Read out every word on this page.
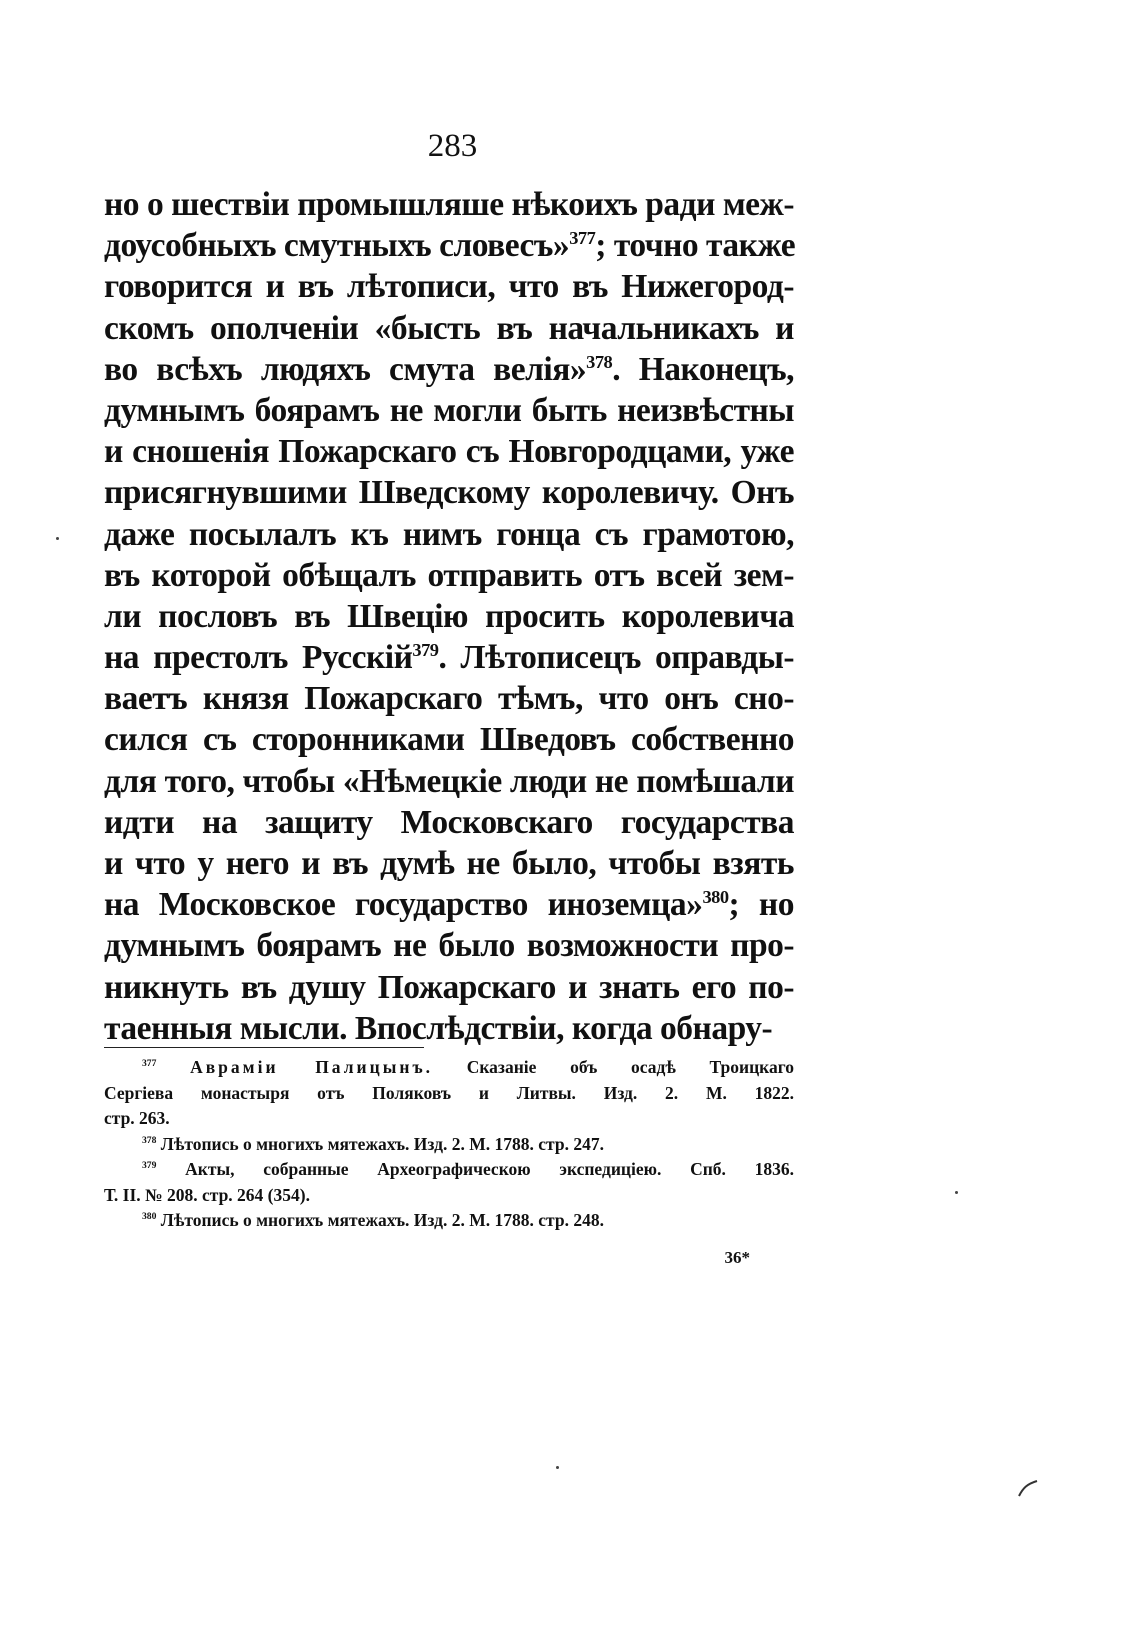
283
но о шествіи промышляше нѣкоихъ ради меж-
доусобныхъ смутныхъ словесъ»$^{377}$; точно также
говорится и въ лѣтописи, что въ Нижегород-
скомъ ополченіи «бысть въ начальникахъ и
во всѣхъ людяхъ смута велія»$^{378}$. Наконецъ,
думнымъ боярамъ не могли быть неизвѣстны
и сношенія Пожарскаго съ Новгородцами, уже
присягнувшими Шведскому королевичу. Онъ
даже посылалъ къ нимъ гонца съ грамотою,
въ которой обѣщалъ отправить отъ всей зем-
ли пословъ въ Швецію просить королевича
на престолъ Русскій$^{379}$. Лѣтописецъ оправды-
ваетъ князя Пожарскаго тѣмъ, что онъ сно-
сился съ сторонниками Шведовъ собственно
для того, чтобы «Нѣмецкіе люди не помѣшали
идти на защиту Московскаго государства
и что у него и въ думѣ не было, чтобы взять
на Московское государство иноземца»$^{380}$; но
думнымъ боярамъ не было возможности про-
никнуть въ душу Пожарскаго и знать его по-
таенныя мысли. Впослѣдствіи, когда обнару-
$^{377}$ Авраміи Палицынъ. Сказаніе объ осадѣ Троицкаго
Сергіева монастыря отъ Поляковъ и Литвы. Изд. 2. М. 1822.
стр. 263.
$^{378}$ Лѣтопись о многихъ мятежахъ. Изд. 2. М. 1788. стр. 247.
$^{379}$ Акты, собранные Археографическою экспедиціею. Спб. 1836.
Т. II. № 208. стр. 264 (354).
$^{380}$ Лѣтопись о многихъ мятежахъ. Изд. 2. М. 1788. стр. 248.
36*
